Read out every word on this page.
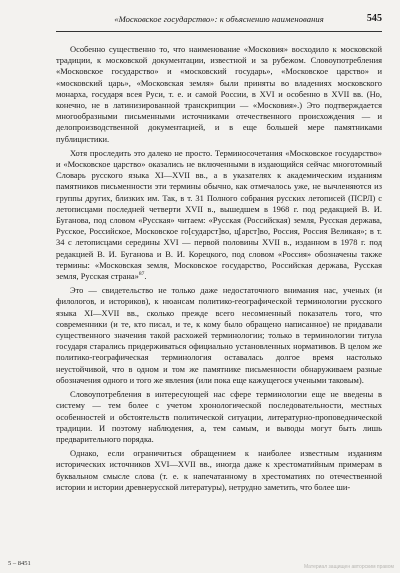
«Московское государство»: к объяснению наименования	545

Особенно существенно то, что наименование «Московия» восходило к московской традиции, к московской документации, известной и за рубежом. Словоупотребления «Московское государство» и «московский государь», «Московское царство» и «московский царь», «Московская земля» были приняты во владениях московского монарха, государя всея Руси, т. е. и самой России, в XVI и особенно в XVII вв. (Но, конечно, не в латинизированной транскрипции — «Московия».) Это подтверждается многообразными письменными источниками отечественного происхождения — и делопроизводственной документацией, и в еще большей мере памятниками публицистики.

Хотя проследить это далеко не просто. Терминосочетания «Московское государство» и «Московское царство» оказались не включенными в издающийся сейчас многотомный Словарь русского языка XI—XVII вв., а в указателях к академическим изданиям памятников письменности эти термины обычно, как отмечалось уже, не вычленяются из группы других, близких им. Так, в т. 31 Полного собрания русских летописей (ПСРЛ) с летописцами последней четверти XVII в., вышедшем в 1968 г. под редакцией В. И. Буганова, под словом «Русская» читаем: «Русская (Российская) земля, Русская держава, Русское, Российское, Московское го[сударст]во, ц[арст]во, Россия, Россия Великая»; в т. 34 с летописцами середины XVI — первой половины XVII в., изданном в 1978 г. под редакцией В. И. Буганова и В. И. Корецкого, под словом «Россия» обозначены также термины: «Московская земля, Московское государство, Российская держава, Русская земля, Русская страна»$^{87}$.

Это — свидетельство не только даже недостаточного внимания нас, ученых (и филологов, и историков), к нюансам политико-географической терминологии русского языка XI—XVII вв., сколько прежде всего несомненный показатель того, что современники (и те, кто писал, и те, к кому было обращено написанное) не придавали существенного значения такой расхожей терминологии; только в терминологии титула государя старались придерживаться официально установленных нормативов. В целом же политико-географическая терминология оставалась долгое время настолько неустойчивой, что в одном и том же памятнике письменности обнаруживаем разные обозначения одного и того же явления (или пока еще кажущегося учеными таковым).

Словоупотребления в интересующей нас сфере терминологии еще не введены в систему — тем более с учетом хронологической последовательности, местных особенностей и обстоятельств политической ситуации, литературно-проповеднической традиции. И поэтому наблюдения, а, тем самым, и выводы могут быть лишь предварительного порядка.

Однако, если ограничиться обращением к наиболее известным изданиям исторических источников XVI—XVII вв., иногда даже к хрестоматийным примерам в буквальном смысле слова (т. е. к напечатанному в хрестоматиях по отечественной истории и истории древнерусской литературы), нетрудно заметить, что более ши-

5 – 8451	Материал защищен авторским правом
